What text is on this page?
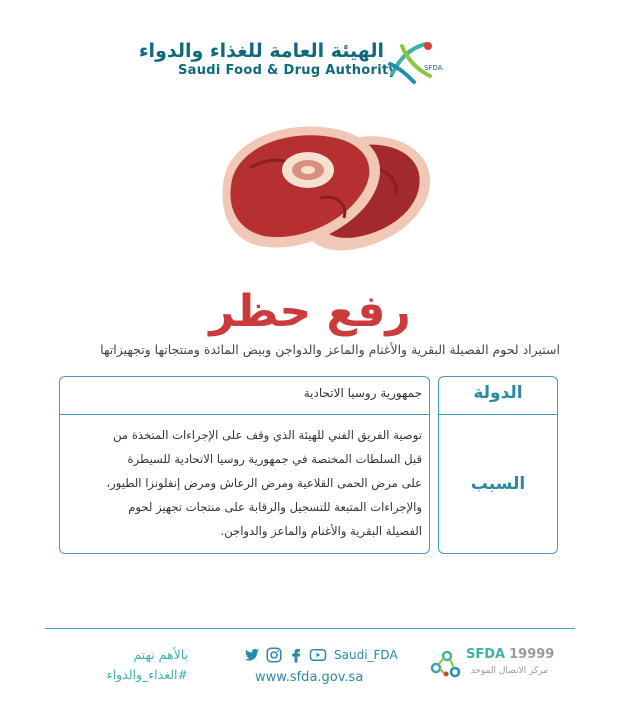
الهيئة العامة للغذاء والدواء
Saudi Food & Drug Authority	SFDA
رفع حظر
استيراد لحوم الفصيلة البقرية والأغنام والماعز والدواجن وبيض المائدة ومنتجاتها وتجهيزاتها
الدولة
جمهورية روسيا الاتحادية
السبب
توصية الفريق الفني للهيئة الذي وقف على الإجراءات المتخذة من
قبل السلطات المختصة في جمهورية روسيا الاتحادية للسيطرة
على مرض الحمى القلاعية ومرض الرعاش ومرض إنفلونزا الطيور،
والإجراءات المتبعة للتسجيل والرقابة على منتجات تجهيز لحوم
الفصيلة البقرية والأغنام والماعز والدواجن.
بالأهم نهتم
#الغذاء_والدواء
Saudi_FDA
www.sfda.gov.sa
SFDA 19999
مركز الاتصال الموحد
